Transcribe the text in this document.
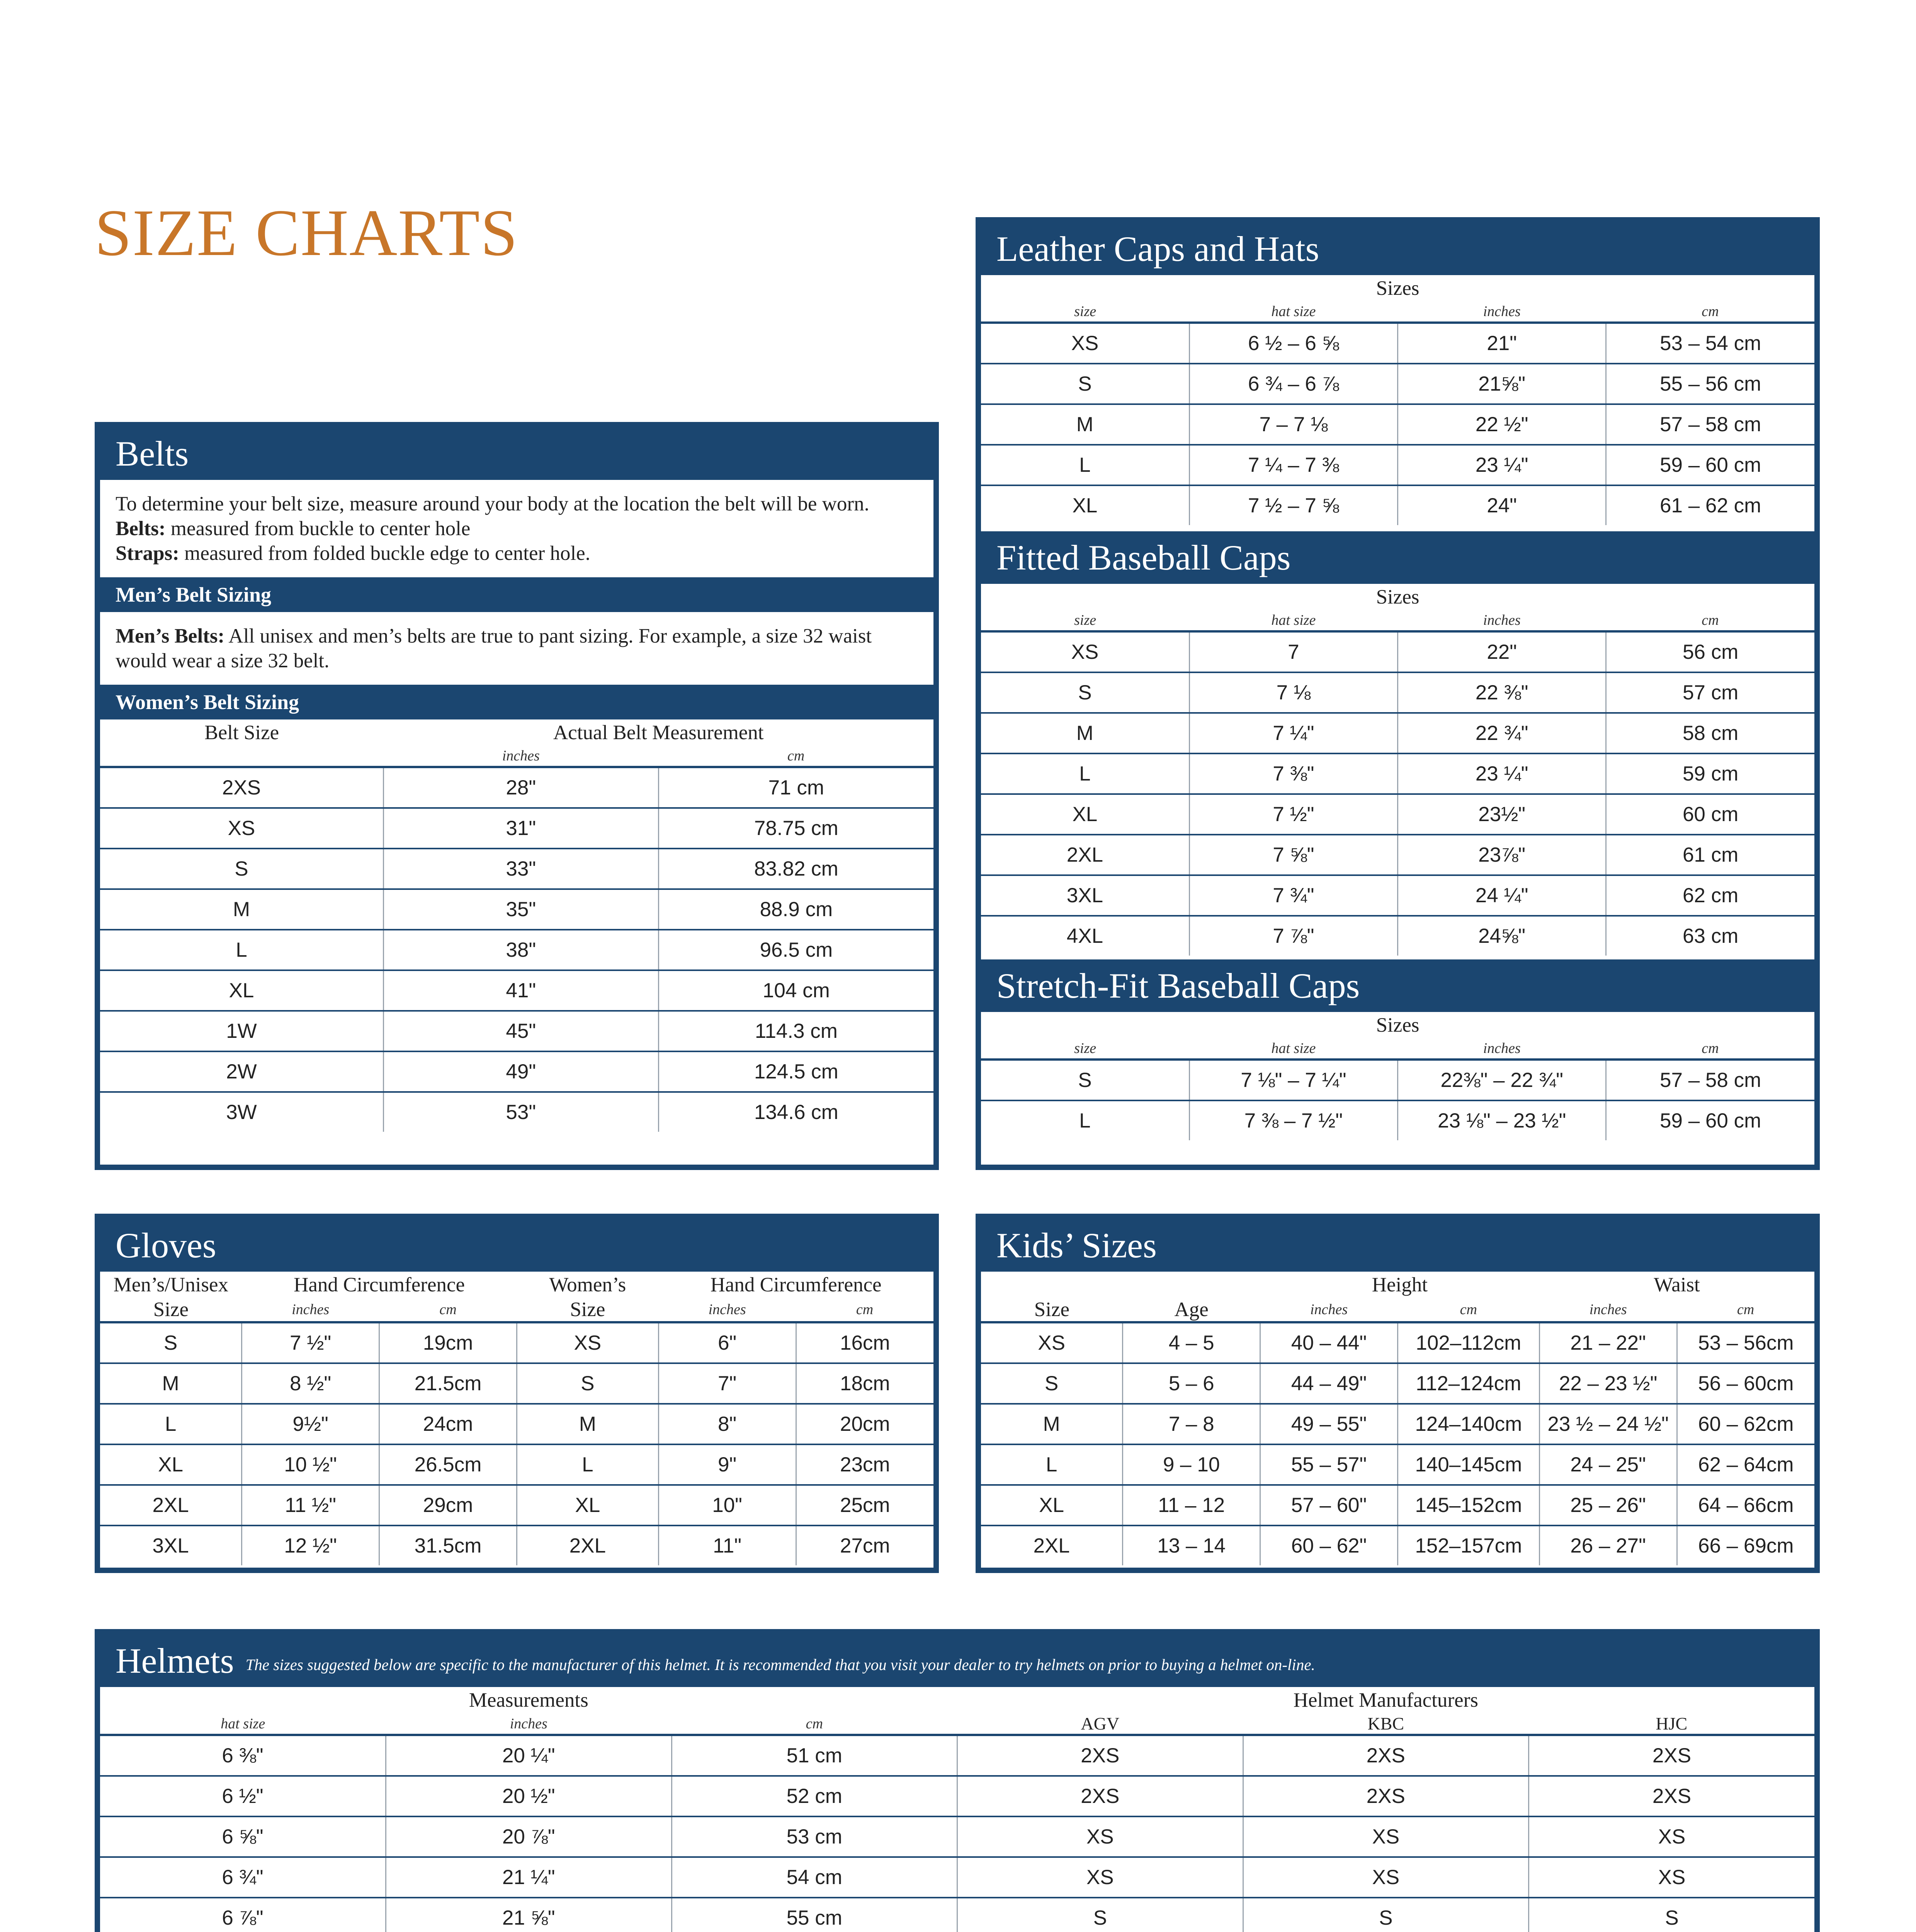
SIZE CHARTS	Leather Caps and Hats
Sizes			
size	hat size	inches	cm
XS	6 ½ – 6 ⅝	21"	53 – 54 cm
S	6 ¾ – 6 ⅞	21⅝"	55 – 56 cm
M	7 – 7 ⅛	22 ½"	57 – 58 cm
L	7 ¼ – 7 ⅜	23 ¼"	59 – 60 cm
XL	7 ½ – 7 ⅝	24"	61 – 62 cm
Fitted Baseball Caps
Sizes			
size	hat size	inches	cm
XS	7	22"	56 cm
S	7 ⅛	22 ⅜"	57 cm
M	7 ¼"	22 ¾"	58 cm
L	7 ⅜"	23 ¼"	59 cm
XL	7 ½"	23½"	60 cm
2XL	7 ⅝"	23⅞"	61 cm
3XL	7 ¾"	24 ¼"	62 cm
4XL	7 ⅞"	24⅝"	63 cm
Stretch-Fit Baseball Caps
Sizes			
size	hat size	inches	cm
S	7 ⅛" – 7 ¼"	22⅜" – 22 ¾"	57 – 58 cm
L	7 ⅜ – 7 ½"	23 ⅛" – 23 ½"	59 – 60 cm
Belts
To determine your belt size, measure around your body at the location the belt will be worn.
Belts: measured from buckle to center hole
Straps: measured from folded buckle edge to center hole.
Men’s Belt Sizing
Men’s Belts: All unisex and men’s belts are true to pant sizing. For example, a size 32 waist would wear a size 32 belt.
Women’s Belt Sizing
Belt Size	Actual Belt Measurement	
	inches	cm
2XS	28"	71 cm
XS	31"	78.75 cm
S	33"	83.82 cm
M	35"	88.9 cm
L	38"	96.5 cm
XL	41"	104 cm
1W	45"	114.3 cm
2W	49"	124.5 cm
3W	53"	134.6 cm
Gloves
Men’s/Unisex	Hand Circumference		Women’s	Hand Circumference	
Size	inches	cm	Size	inches	cm
S	7 ½"	19cm	XS	6"	16cm
M	8 ½"	21.5cm	S	7"	18cm
L	9½"	24cm	M	8"	20cm
XL	10 ½"	26.5cm	L	9"	23cm
2XL	11 ½"	29cm	XL	10"	25cm
3XL	12 ½"	31.5cm	2XL	11"	27cm
Kids’ Sizes
		Height		Waist	
Size	Age	inches	cm	inches	cm
XS	4 – 5	40 – 44"	102–112cm	21 – 22"	53 – 56cm
S	5 – 6	44 – 49"	112–124cm	22 – 23 ½"	56 – 60cm
M	7 – 8	49 – 55"	124–140cm	23 ½ – 24 ½"	60 – 62cm
L	9 – 10	55 – 57"	140–145cm	24 – 25"	62 – 64cm
XL	11 – 12	57 – 60"	145–152cm	25 – 26"	64 – 66cm
2XL	13 – 14	60 – 62"	152–157cm	26 – 27"	66 – 69cm
Helmets The sizes suggested below are specific to the manufacturer of this helmet. It is recommended that you visit your dealer to try helmets on prior to buying a helmet on-line.
Measurements			Helmet Manufacturers		
hat size	inches	cm	AGV	KBC	HJC
6 ⅜"	20 ¼"	51 cm	2XS	2XS	2XS
6 ½"	20 ½"	52 cm	2XS	2XS	2XS
6 ⅝"	20 ⅞"	53 cm	XS	XS	XS
6 ¾"	21 ¼"	54 cm	XS	XS	XS
6 ⅞"	21 ⅝"	55 cm	S	S	S
